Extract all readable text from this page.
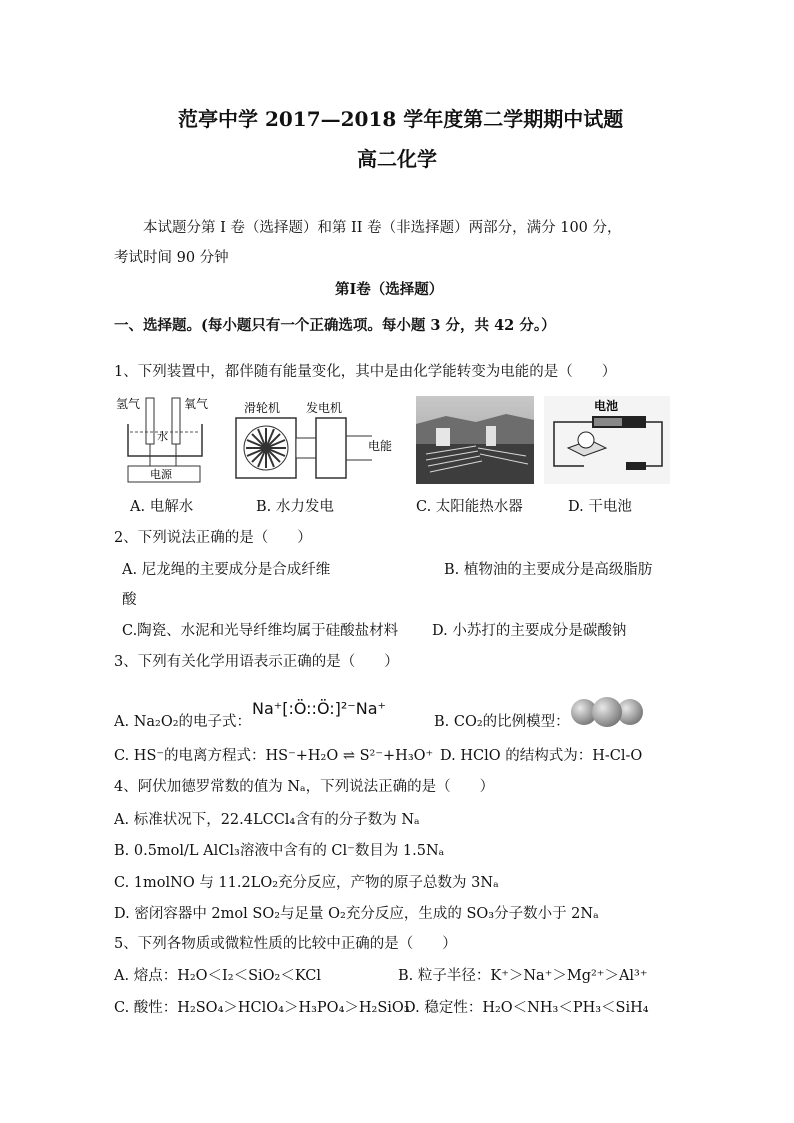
范亭中学 2017—2018 学年度第二学期期中试题
高二化学
本试题分第 I 卷（选择题）和第 II 卷（非选择题）两部分，满分 100 分，
考试时间 90 分钟
第Ⅰ卷（选择题）
一、选择题。(每小题只有一个正确选项。每小题 3 分，共 42 分。）
1、下列装置中，都伴随有能量变化，其中是由化学能转变为电能的是（　　）
氢气	氧气
水
电源
滑轮机 发电机
电能
电池
A. 电解水	B. 水力发电	C. 太阳能热水器	D. 干电池
2、下列说法正确的是（　　）
A. 尼龙绳的主要成分是合成纤维	B. 植物油的主要成分是高级脂肪
酸
C.陶瓷、水泥和光导纤维均属于硅酸盐材料 D. 小苏打的主要成分是碳酸钠
3、下列有关化学用语表示正确的是（　　）
A. Na₂O₂的电子式：
Na⁺[:Ö::Ö:]²⁻Na⁺
B. CO₂的比例模型：
C. HS⁻的电离方程式：HS⁻+H₂O ⇌ S²⁻+H₃O⁺ D. HClO 的结构式为：H-Cl-O
4、阿伏加德罗常数的值为 Nₐ，下列说法正确的是（　　）
A. 标准状况下，22.4LCCl₄含有的分子数为 Nₐ
B. 0.5mol/L AlCl₃溶液中含有的 Cl⁻数目为 1.5Nₐ
C. 1molNO 与 11.2LO₂充分反应，产物的原子总数为 3Nₐ
D. 密闭容器中 2mol SO₂与足量 O₂充分反应，生成的 SO₃分子数小于 2Nₐ
5、下列各物质或微粒性质的比较中正确的是（　　）
A. 熔点：H₂O＜I₂＜SiO₂＜KCl	B. 粒子半径：K⁺＞Na⁺＞Mg²⁺＞Al³⁺
C. 酸性：H₂SO₄＞HClO₄＞H₃PO₄＞H₂SiO₃
D. 稳定性：H₂O＜NH₃＜PH₃＜SiH₄
